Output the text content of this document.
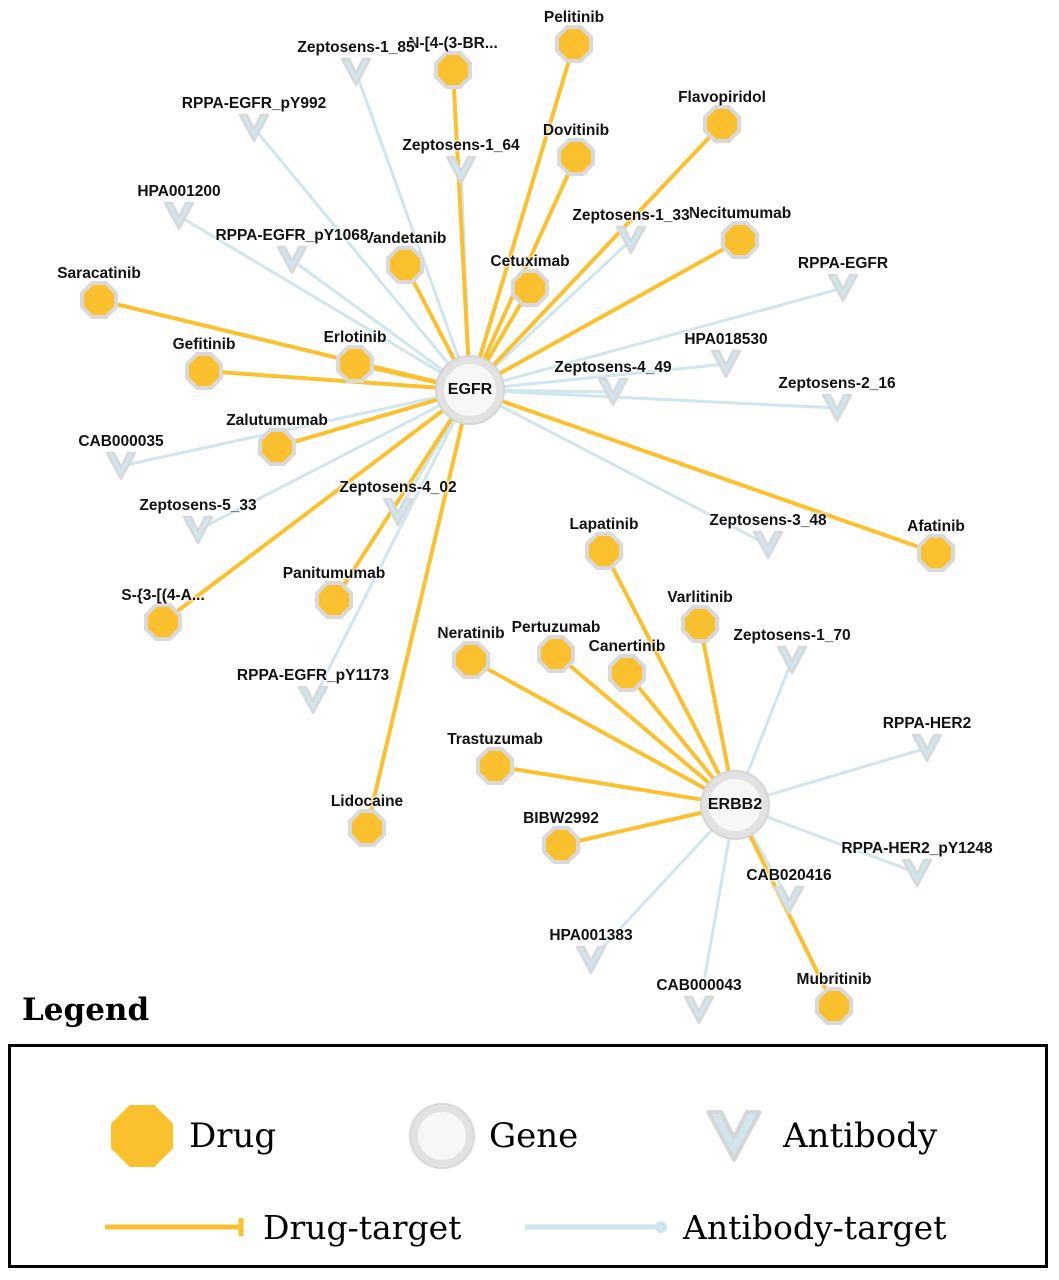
Pelitinib
N-[4-(3-BR...
Flavopiridol
Dovitinib
Necitumumab
Vandetanib
Cetuximab
Saracatinib
Gefitinib	Erlotinib
Zalutumumab
Afatinib
Lapatinib
Varlitinib
Panitumumab
S-{3-[(4-A...
Pertuzumab
Neratinib
Canertinib
Trastuzumab
Lidocaine
BIBW2992
Mubritinib
Zeptosens-1_85
RPPA-EGFR_pY992
Zeptosens-1_64
HPA001200
Zeptosens-1_33
RPPA-EGFR_pY1068
RPPA-EGFR
HPA018530
Zeptosens-4_49
Zeptosens-2_16
CAB000035
Zeptosens-5_33
Zeptosens-4_02
Zeptosens-3_48
Zeptosens-1_70
RPPA-EGFR_pY1173
RPPA-HER2
RPPA-HER2_pY1248
CAB020416
HPA001383
CAB000043
EGFR
ERBB2
Legend
Drug	Gene	Antibody
Drug-target	Antibody-target
